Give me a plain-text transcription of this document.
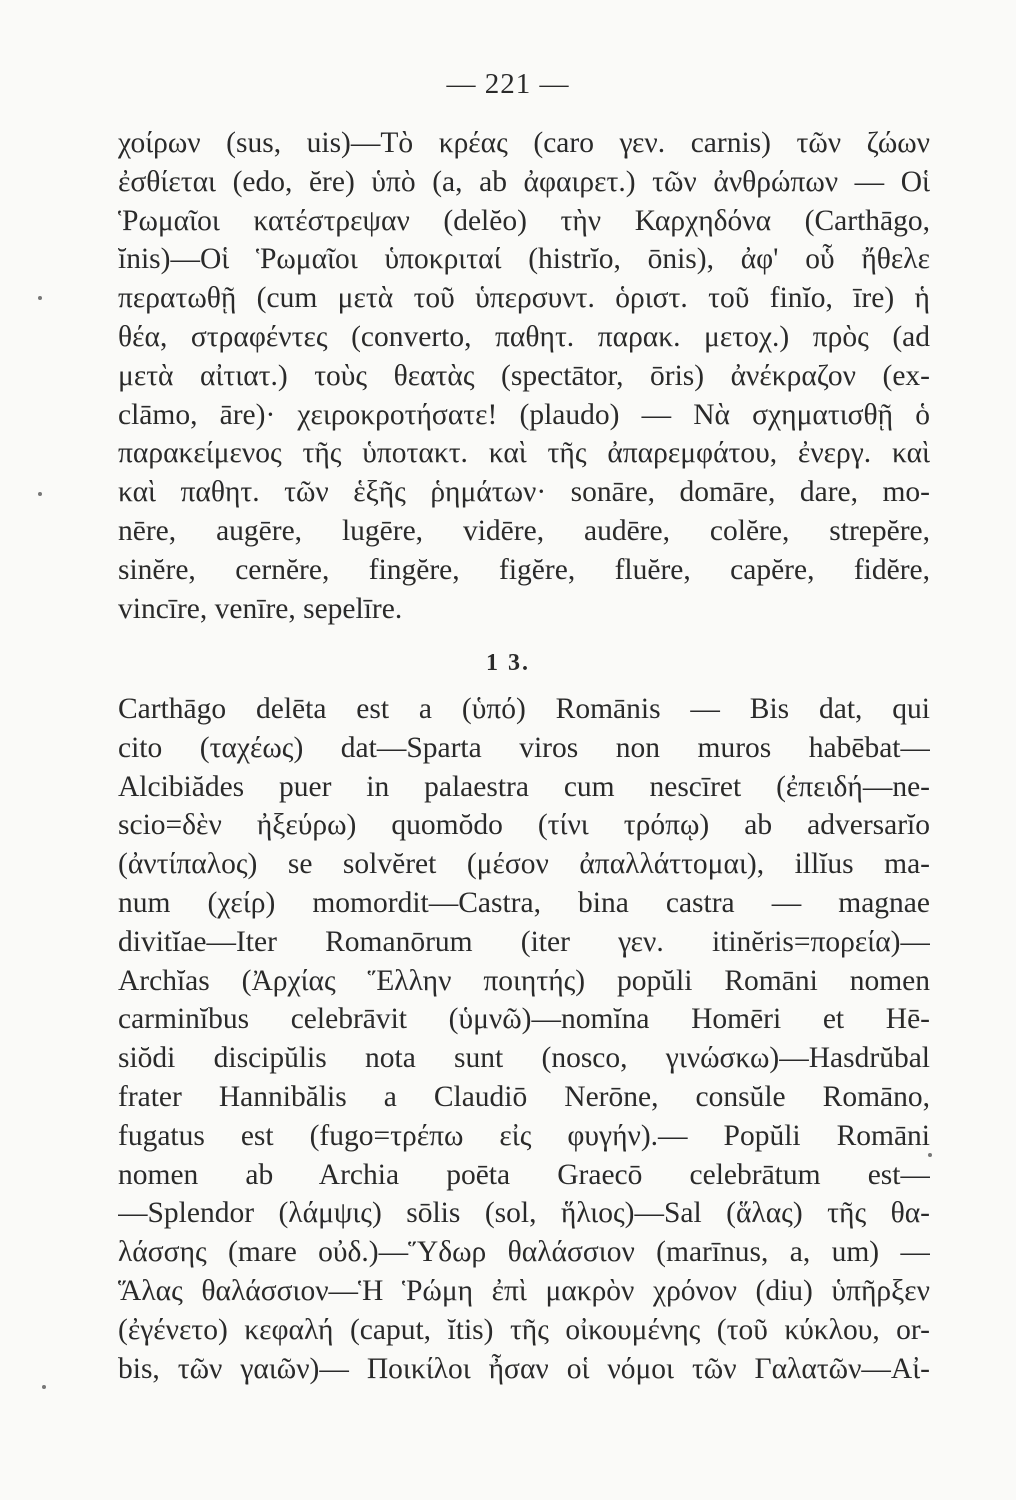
— 221 —
χοίρων (sus, uis)—Τὸ κρέας (caro γεν. carnis) τῶν ζώων
ἐσθίεται (edo, ĕre) ὑπὸ (a, ab ἀφαιρετ.) τῶν ἀνθρώπων — Οἱ
Ῥωμαῖοι κατέστρεψαν (delĕo) τὴν Καρχηδόνα (Carthāgo,
ĭnis)—Οἱ Ῥωμαῖοι ὑποκριταί (histrĭo, ōnis), ἀφ' οὗ ἤθελε
περατωθῇ (cum μετὰ τοῦ ὑπερσυντ. ὁριστ. τοῦ finĭo, īre) ἡ
θέα, στραφέντες (converto, παθητ. παρακ. μετοχ.) πρὸς (ad
μετὰ αἰτιατ.) τοὺς θεατὰς (spectātor, ōris) ἀνέκραζον (ex-
clāmo, āre)· χειροκροτήσατε! (plaudo) — Νὰ σχηματισθῇ ὁ
παρακείμενος τῆς ὑποτακτ. καὶ τῆς ἀπαρεμφάτου, ἐνεργ. καὶ
καὶ παθητ. τῶν ἑξῆς ῥημάτων· sonāre, domāre, dare, mo-
nēre, augēre, lugēre, vidēre, audēre, colĕre, strepĕre,
sinĕre, cernĕre, fingĕre, figĕre, fluĕre, capĕre, fidĕre,
vincīre, venīre, sepelīre.
1 3.
Carthāgo delēta est a (ὑπό) Romānis — Bis dat, qui
cito (ταχέως) dat—Sparta viros non muros habēbat—
Alcibiădes puer in palaestra cum nescīret (ἐπειδή—ne-
scio=δὲν ἠξεύρω) quomŏdo (τίνι τρόπῳ) ab adversarĭo
(ἀντίπαλος) se solvĕret (μέσον ἀπαλλάττομαι), illĭus ma-
num (χείρ) momordit—Castra, bina castra — magnae
divitĭae—Iter Romanōrum (iter γεν. itinĕris=πορεία)—
Archĭas (Ἀρχίας Ἕλλην ποιητής) popŭli Romāni nomen
carminĭbus celebrāvit (ὑμνῶ)—nomĭna Homēri et Hē-
siŏdi discipŭlis nota sunt (nosco, γινώσκω)—Hasdrŭbal
frater Hannibălis a Claudiō Nerōne, consŭle Romāno,
fugatus est (fugo=τρέπω εἰς φυγήν).— Popŭli Romāni
nomen ab Archia poēta Graecō celebrātum est—
—Splendor (λάμψις) sōlis (sol, ἥλιος)—Sal (ἅλας) τῆς θα-
λάσσης (mare οὐδ.)—Ὕδωρ θαλάσσιον (marīnus, a, um) —
Ἅλας θαλάσσιον—Ἡ Ῥώμη ἐπὶ μακρὸν χρόνον (diu) ὑπῆρξεν
(ἐγένετο) κεφαλή (caput, ĭtis) τῆς οἰκουμένης (τοῦ κύκλου, or-
bis, τῶν γαιῶν)— Ποικίλοι ἦσαν οἱ νόμοι τῶν Γαλατῶν—Αἰ-
